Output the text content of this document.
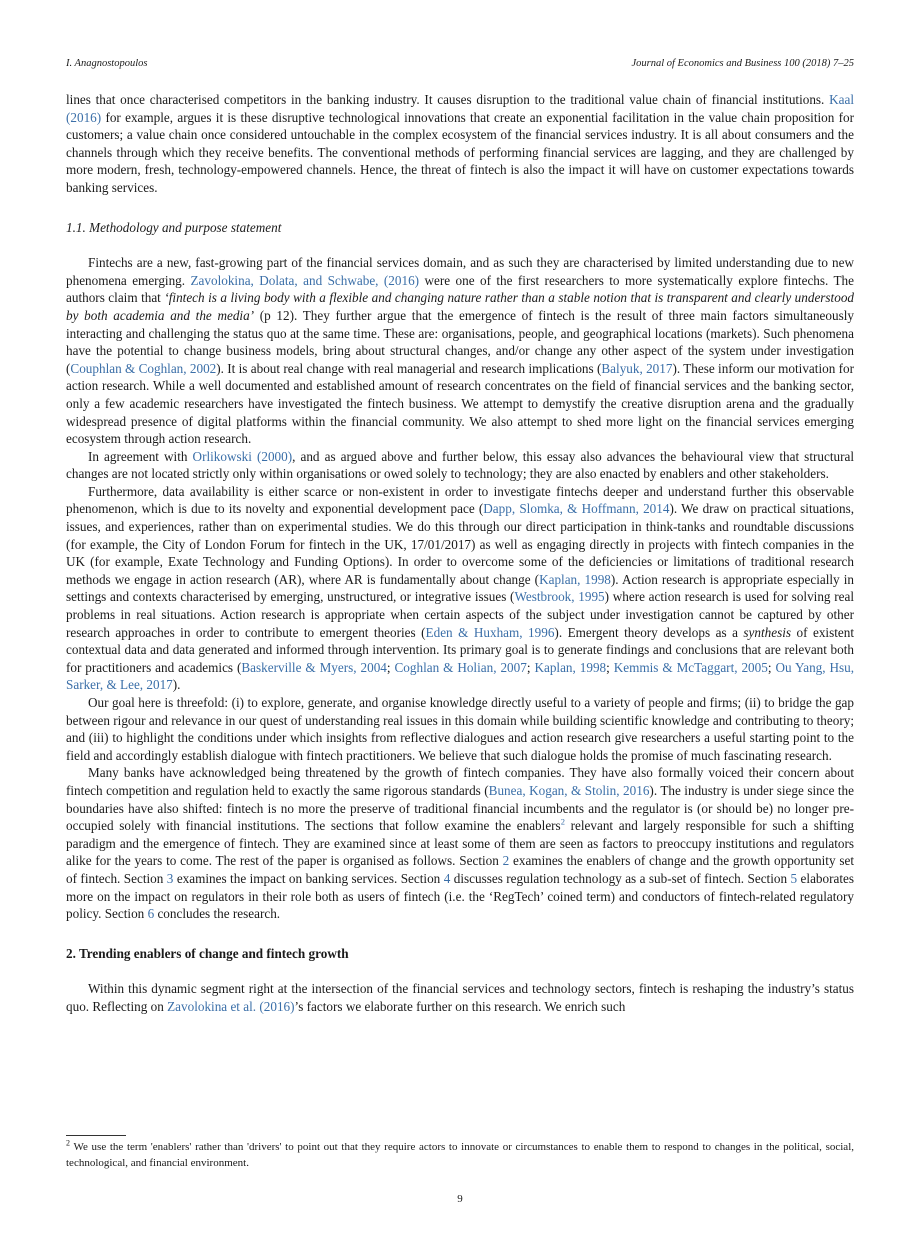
I. Anagnostopoulos	Journal of Economics and Business 100 (2018) 7–25

lines that once characterised competitors in the banking industry. It causes disruption to the traditional value chain of financial institutions. Kaal (2016) for example, argues it is these disruptive technological innovations that create an exponential facilitation in the value chain proposition for customers; a value chain once considered untouchable in the complex ecosystem of the financial services industry. It is all about consumers and the channels through which they receive benefits. The conventional methods of performing financial services are lagging, and they are challenged by more modern, fresh, technology-empowered channels. Hence, the threat of fintech is also the impact it will have on customer expectations towards banking services.

1.1. Methodology and purpose statement

Fintechs are a new, fast-growing part of the financial services domain, and as such they are characterised by limited understanding due to new phenomena emerging. Zavolokina, Dolata, and Schwabe, (2016) were one of the first researchers to more systematically explore fintechs. The authors claim that ‘fintech is a living body with a flexible and changing nature rather than a stable notion that is transparent and clearly understood by both academia and the media’ (p 12). They further argue that the emergence of fintech is the result of three main factors simultaneously interacting and challenging the status quo at the same time. These are: organisations, people, and geographical locations (markets). Such phenomena have the potential to change business models, bring about structural changes, and/or change any other aspect of the system under investigation (Couphlan & Coghlan, 2002). It is about real change with real managerial and research implications (Balyuk, 2017). These inform our motivation for action research. While a well documented and established amount of research concentrates on the field of financial services and the banking sector, only a few academic researchers have investigated the fintech business. We attempt to demystify the creative disruption arena and the gradually widespread presence of digital platforms within the financial community. We also attempt to shed more light on the financial services emerging ecosystem through action research.

In agreement with Orlikowski (2000), and as argued above and further below, this essay also advances the behavioural view that structural changes are not located strictly only within organisations or owed solely to technology; they are also enacted by enablers and other stakeholders.

Furthermore, data availability is either scarce or non-existent in order to investigate fintechs deeper and understand further this observable phenomenon, which is due to its novelty and exponential development pace (Dapp, Slomka, & Hoffmann, 2014). We draw on practical situations, issues, and experiences, rather than on experimental studies. We do this through our direct participation in think-tanks and roundtable discussions (for example, the City of London Forum for fintech in the UK, 17/01/2017) as well as engaging directly in projects with fintech companies in the UK (for example, Exate Technology and Funding Options). In order to overcome some of the deficiencies or limitations of traditional research methods we engage in action research (AR), where AR is fundamentally about change (Kaplan, 1998). Action research is appropriate especially in settings and contexts characterised by emerging, unstructured, or integrative issues (Westbrook, 1995) where action research is used for solving real problems in real situations. Action research is appropriate when certain aspects of the subject under investigation cannot be captured by other research approaches in order to contribute to emergent theories (Eden & Huxham, 1996). Emergent theory develops as a synthesis of existent contextual data and data generated and informed through intervention. Its primary goal is to generate findings and conclusions that are relevant both for practitioners and academics (Baskerville & Myers, 2004; Coghlan & Holian, 2007; Kaplan, 1998; Kemmis & McTaggart, 2005; Ou Yang, Hsu, Sarker, & Lee, 2017).

Our goal here is threefold: (i) to explore, generate, and organise knowledge directly useful to a variety of people and firms; (ii) to bridge the gap between rigour and relevance in our quest of understanding real issues in this domain while building scientific knowledge and contributing to theory; and (iii) to highlight the conditions under which insights from reflective dialogues and action research give researchers a useful starting point to the field and accordingly establish dialogue with fintech practitioners. We believe that such dialogue holds the promise of much fascinating research.

Many banks have acknowledged being threatened by the growth of fintech companies. They have also formally voiced their concern about fintech competition and regulation held to exactly the same rigorous standards (Bunea, Kogan, & Stolin, 2016). The industry is under siege since the boundaries have also shifted: fintech is no more the preserve of traditional financial incumbents and the regulator is (or should be) no longer pre-occupied solely with financial institutions. The sections that follow examine the enablers$^2$ relevant and largely responsible for such a shifting paradigm and the emergence of fintech. They are examined since at least some of them are seen as factors to preoccupy institutions and regulators alike for the years to come. The rest of the paper is organised as follows. Section 2 examines the enablers of change and the growth opportunity set of fintech. Section 3 examines the impact on banking services. Section 4 discusses regulation technology as a sub-set of fintech. Section 5 elaborates more on the impact on regulators in their role both as users of fintech (i.e. the ‘RegTech’ coined term) and conductors of fintech-related regulatory policy. Section 6 concludes the research.

2. Trending enablers of change and fintech growth

Within this dynamic segment right at the intersection of the financial services and technology sectors, fintech is reshaping the industry’s status quo. Reflecting on Zavolokina et al. (2016)’s factors we elaborate further on this research. We enrich such

$^2$ We use the term 'enablers' rather than 'drivers' to point out that they require actors to innovate or circumstances to enable them to respond to changes in the political, social, technological, and financial environment.
9
